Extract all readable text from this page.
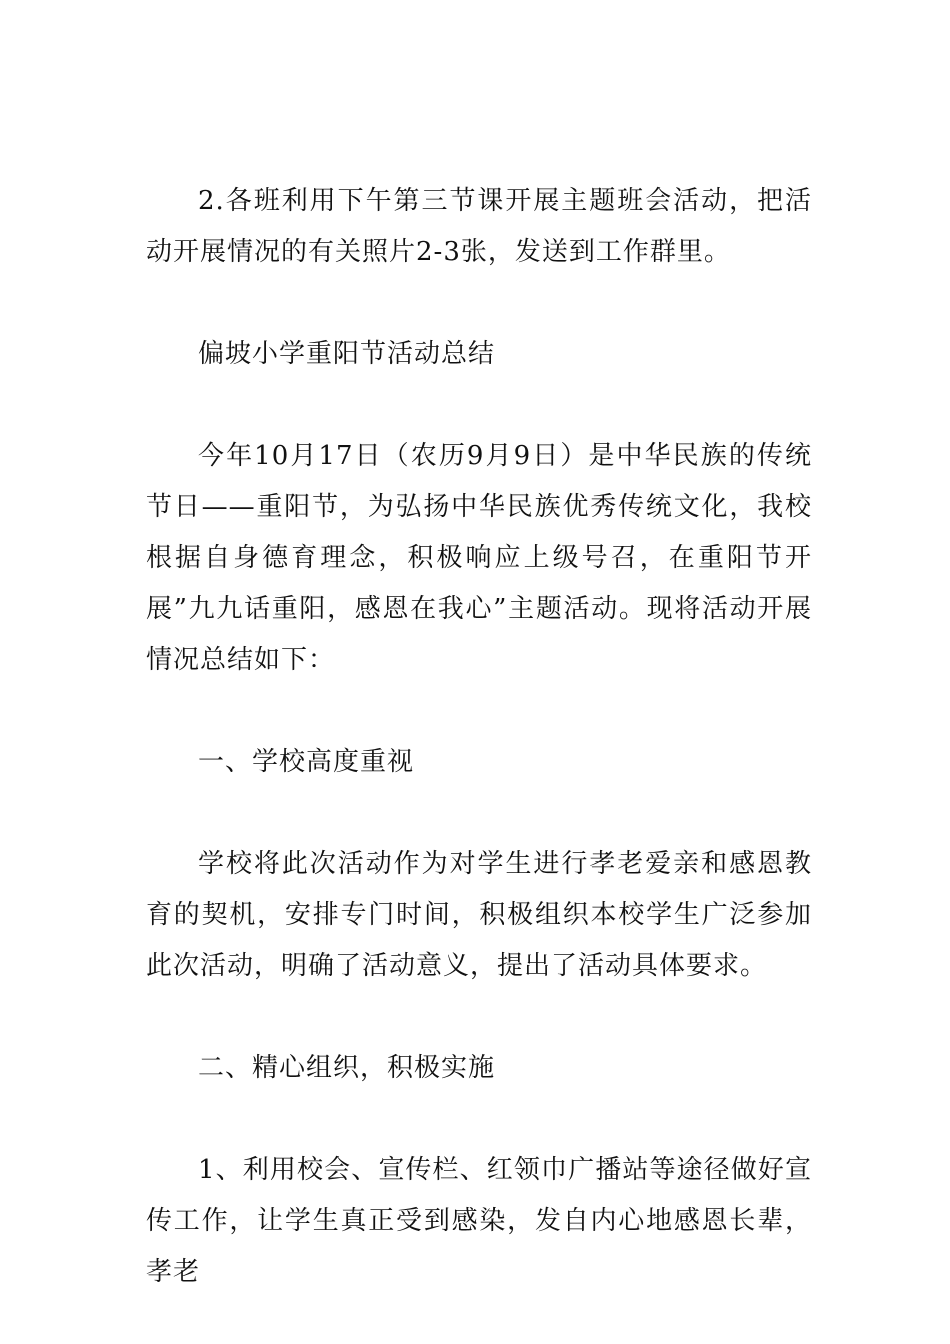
2.各班利用下午第三节课开展主题班会活动，把活动开展情况的有关照片2-3张，发送到工作群里。

偏坡小学重阳节活动总结

今年10月17日（农历9月9日）是中华民族的传统节日——重阳节，为弘扬中华民族优秀传统文化，我校根据自身德育理念，积极响应上级号召，在重阳节开展”九九话重阳，感恩在我心”主题活动。现将活动开展情况总结如下：

一、学校高度重视

学校将此次活动作为对学生进行孝老爱亲和感恩教育的契机，安排专门时间，积极组织本校学生广泛参加此次活动，明确了活动意义，提出了活动具体要求。

二、精心组织，积极实施

1、利用校会、宣传栏、红领巾广播站等途径做好宣传工作，让学生真正受到感染，发自内心地感恩长辈，孝老
